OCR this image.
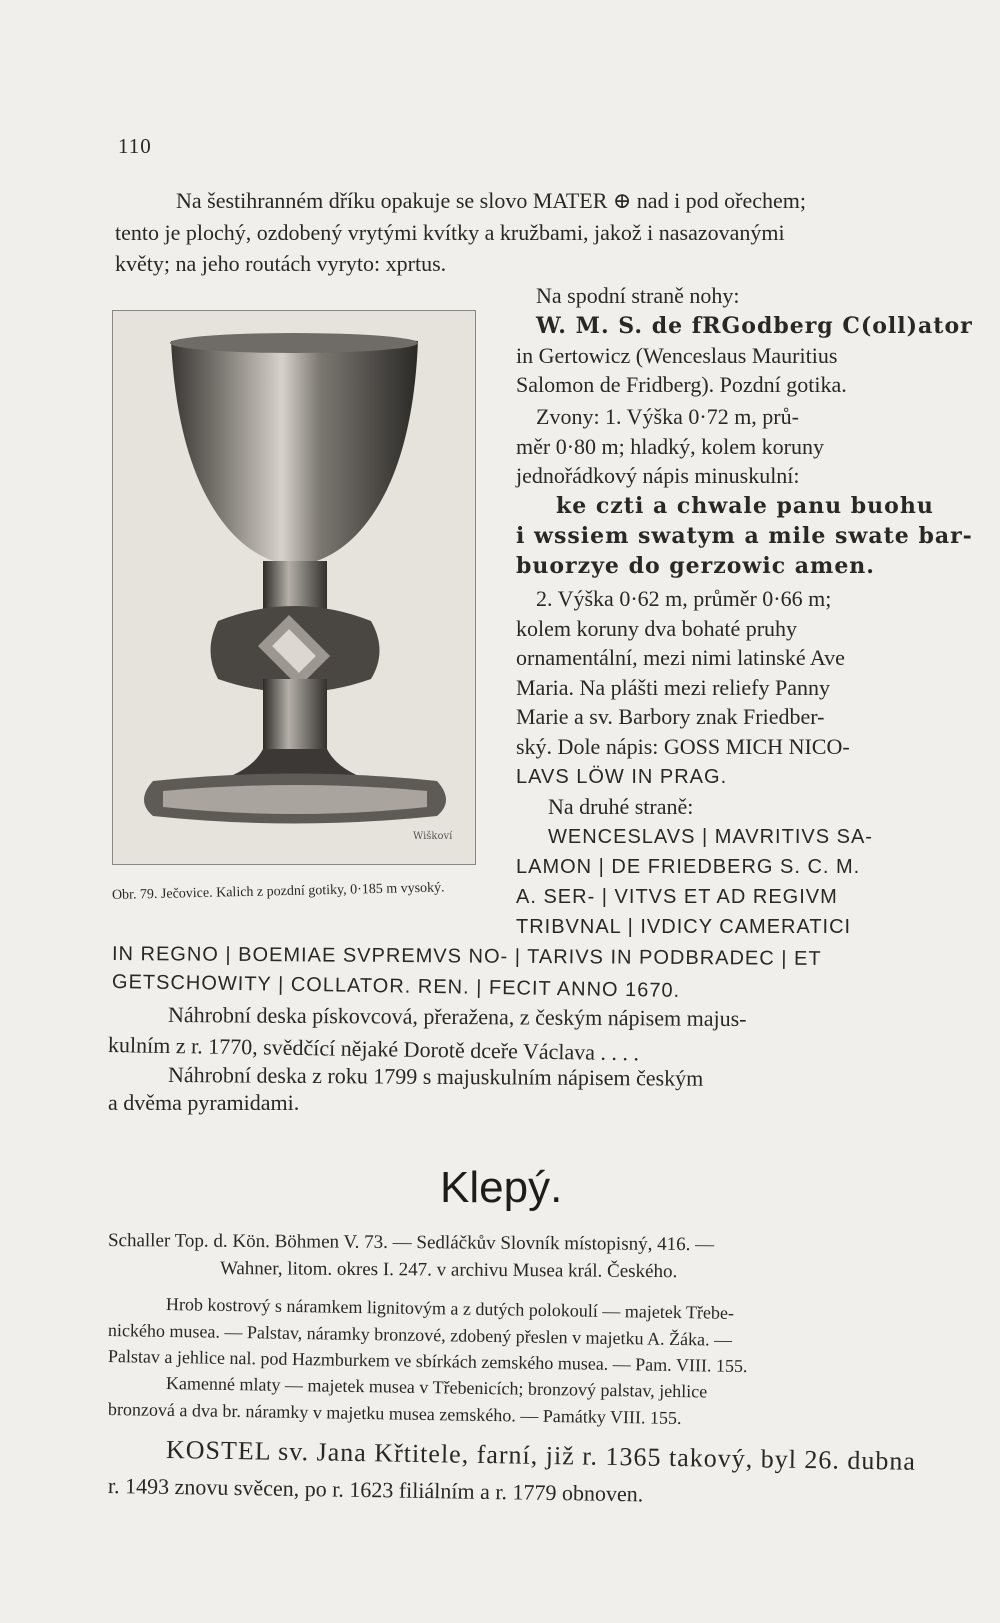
110
Na šestihranném dříku opakuje se slovo MATER ⊕ nad i pod ořechem;
tento je plochý, ozdobený vrytými kvítky a kružbami, jakož i nasazovanými
květy; na jeho routách vyryto: xprtus.
Wiškoví
Na spodní straně nohy:
W. M. S. de fRGodberg C(oll)ator
in Gertowicz (Wenceslaus Mauritius
Salomon de Fridberg). Pozdní gotika.
Zvony: 1. Výška 0·72 m, prů-
měr 0·80 m; hladký, kolem koruny
jednořádkový nápis minuskulní:
ke czti a chwale panu buohu
i wssiem swatym a mile swate bar-
buorzye do gerzowic amen.
2. Výška 0·62 m, průměr 0·66 m;
kolem koruny dva bohaté pruhy
ornamentální, mezi nimi latinské Ave
Maria. Na plášti mezi reliefy Panny
Marie a sv. Barbory znak Friedber-
ský. Dole nápis: GOSS MICH NICO-
LAVS LÖW IN PRAG.
Na druhé straně:
WENCESLAVS | MAVRITIVS SA-
LAMON | DE FRIEDBERG S. C. M.
A. SER- | VITVS ET AD REGIVM
TRIBVNAL | IVDICY CAMERATICI
Obr. 79. Ječovice. Kalich z pozdní gotiky, 0·185 m vysoký.
IN REGNO | BOEMIAE SVPREMVS NO- | TARIVS IN PODBRADEC | ET
GETSCHOWITY | COLLATOR. REN. | FECIT ANNO 1670.
Náhrobní deska pískovcová, přeražena, z českým nápisem majus-
kulním z r. 1770, svědčící nějaké Dorotě dceře Václava . . . .
Náhrobní deska z roku 1799 s majuskulním nápisem českým
a dvěma pyramidami.
Klepý.
Schaller Top. d. Kön. Böhmen V. 73. — Sedláčkův Slovník místopisný, 416. —
Wahner, litom. okres I. 247. v archivu Musea král. Českého.
Hrob kostrový s náramkem lignitovým a z dutých polokoulí — majetek Třebe-
nického musea. — Palstav, náramky bronzové, zdobený přeslen v majetku A. Žáka. —
Palstav a jehlice nal. pod Hazmburkem ve sbírkách zemského musea. — Pam. VIII. 155.
Kamenné mlaty — majetek musea v Třebenicích; bronzový palstav, jehlice
bronzová a dva br. náramky v majetku musea zemského. — Památky VIII. 155.
KOSTEL sv. Jana Křtitele, farní, již r. 1365 takový, byl 26. dubna
r. 1493 znovu svěcen, po r. 1623 filiálním a r. 1779 obnoven.
